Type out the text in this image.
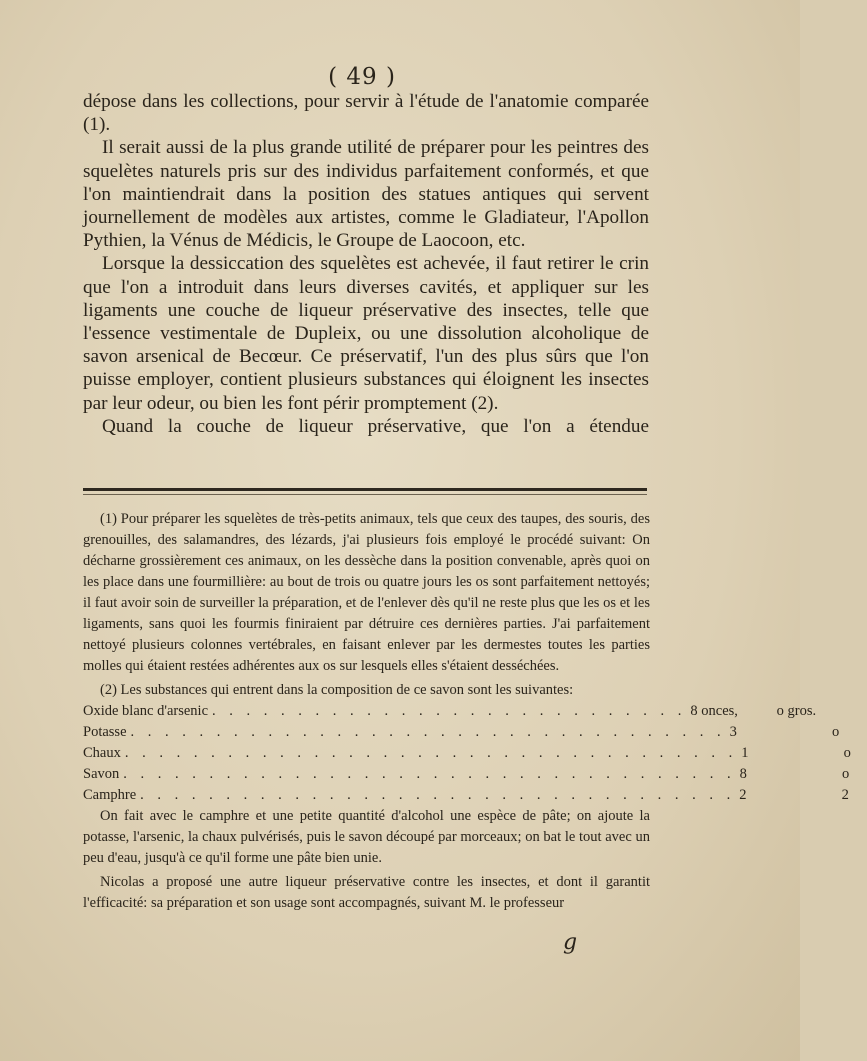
( 49 )

dépose dans les collections, pour servir à l'étude de l'anatomie comparée (1).

Il serait aussi de la plus grande utilité de préparer pour les peintres des squelètes naturels pris sur des individus parfaitement conformés, et que l'on maintiendrait dans la position des statues antiques qui servent journellement de modèles aux artistes, comme le Gladiateur, l'Apollon Pythien, la Vénus de Médicis, le Groupe de Laocoon, etc.

Lorsque la dessiccation des squelètes est achevée, il faut retirer le crin que l'on a introduit dans leurs diverses cavités, et appliquer sur les ligaments une couche de liqueur préservative des insectes, telle que l'essence vestimentale de Dupleix, ou une dissolution alcoholique de savon arsenical de Becœur. Ce préservatif, l'un des plus sûrs que l'on puisse employer, contient plusieurs substances qui éloignent les insectes par leur odeur, ou bien les font périr promptement (2).

Quand la couche de liqueur préservative, que l'on a étendue

(1) Pour préparer les squelètes de très-petits animaux, tels que ceux des taupes, des souris, des grenouilles, des salamandres, des lézards, j'ai plusieurs fois employé le procédé suivant: On décharne grossièrement ces animaux, on les dessèche dans la position convenable, après quoi on les place dans une fourmillière: au bout de trois ou quatre jours les os sont parfaitement nettoyés; il faut avoir soin de surveiller la préparation, et de l'enlever dès qu'il ne reste plus que les os et les ligaments, sans quoi les fourmis finiraient par détruire ces dernières parties. J'ai parfaitement nettoyé plusieurs colonnes vertébrales, en faisant enlever par les dermestes toutes les parties molles qui étaient restées adhérentes aux os sur lesquels elles s'étaient desséchées.

(2) Les substances qui entrent dans la composition de ce savon sont les suivantes:

Oxide blanc d'arsenic . . . . . . . . . . . . . . . . . . . . . . . . . . . . 8 onces,	o gros.
Potasse . . . . . . . . . . . . . . . . . . . . . . . . . . . . . . . . . . . 3	o
Chaux . . . . . . . . . . . . . . . . . . . . . . . . . . . . . . . . . . . . 1	o
Savon . . . . . . . . . . . . . . . . . . . . . . . . . . . . . . . . . . . . 8	o
Camphre . . . . . . . . . . . . . . . . . . . . . . . . . . . . . . . . . . . 2	2

On fait avec le camphre et une petite quantité d'alcohol une espèce de pâte; on ajoute la potasse, l'arsenic, la chaux pulvérisés, puis le savon découpé par morceaux; on bat le tout avec un peu d'eau, jusqu'à ce qu'il forme une pâte bien unie.

Nicolas a proposé une autre liqueur préservative contre les insectes, et dont il garantit l'efficacité: sa préparation et son usage sont accompagnés, suivant M. le professeur

g
